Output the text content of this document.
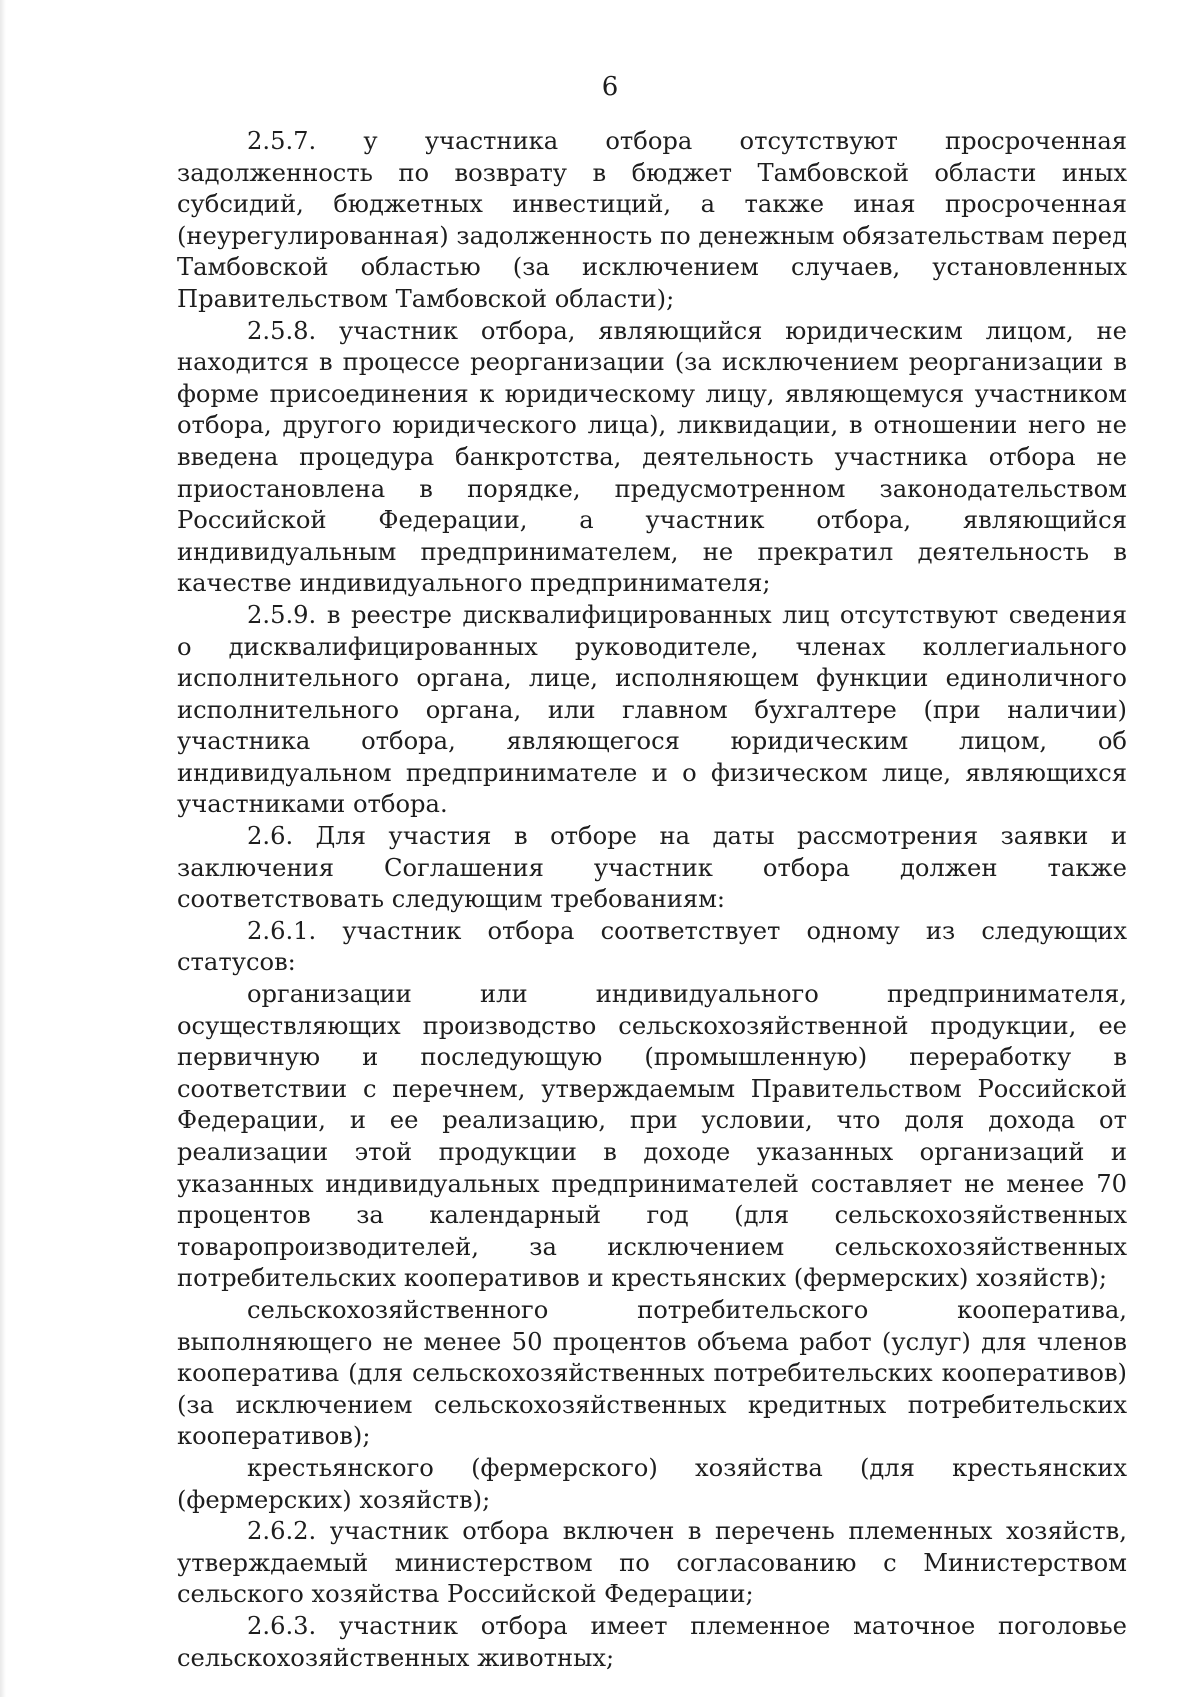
6

2.5.7. у участника отбора отсутствуют просроченная задолженность по возврату в бюджет Тамбовской области иных субсидий, бюджетных инвестиций, а также иная просроченная (неурегулированная) задолженность по денежным обязательствам перед Тамбовской областью (за исключением случаев, установленных Правительством Тамбовской области);

2.5.8. участник отбора, являющийся юридическим лицом, не находится в процессе реорганизации (за исключением реорганизации в форме присоединения к юридическому лицу, являющемуся участником отбора, другого юридического лица), ликвидации, в отношении него не введена процедура банкротства, деятельность участника отбора не приостановлена в порядке, предусмотренном законодательством Российской Федерации, а участник отбора, являющийся индивидуальным предпринимателем, не прекратил деятельность в качестве индивидуального предпринимателя;

2.5.9. в реестре дисквалифицированных лиц отсутствуют сведения о дисквалифицированных руководителе, членах коллегиального исполнительного органа, лице, исполняющем функции единоличного исполнительного органа, или главном бухгалтере (при наличии) участника отбора, являющегося юридическим лицом, об индивидуальном предпринимателе и о физическом лице, являющихся участниками отбора.

2.6. Для участия в отборе на даты рассмотрения заявки и заключения Соглашения участник отбора должен также соответствовать следующим требованиям:

2.6.1. участник отбора соответствует одному из следующих статусов:

организации или индивидуального предпринимателя, осуществляющих производство сельскохозяйственной продукции, ее первичную и последующую (промышленную) переработку в соответствии с перечнем, утверждаемым Правительством Российской Федерации, и ее реализацию, при условии, что доля дохода от реализации этой продукции в доходе указанных организаций и указанных индивидуальных предпринимателей составляет не менее 70 процентов за календарный год (для сельскохозяйственных товаропроизводителей, за исключением сельскохозяйственных потребительских кооперативов и крестьянских (фермерских) хозяйств);

сельскохозяйственного потребительского кооператива, выполняющего не менее 50 процентов объема работ (услуг) для членов кооператива (для сельскохозяйственных потребительских кооперативов) (за исключением сельскохозяйственных кредитных потребительских кооперативов);

крестьянского (фермерского) хозяйства (для крестьянских (фермерских) хозяйств);

2.6.2. участник отбора включен в перечень племенных хозяйств, утверждаемый министерством по согласованию с Министерством сельского хозяйства Российской Федерации;

2.6.3. участник отбора имеет племенное маточное поголовье сельскохозяйственных животных;
